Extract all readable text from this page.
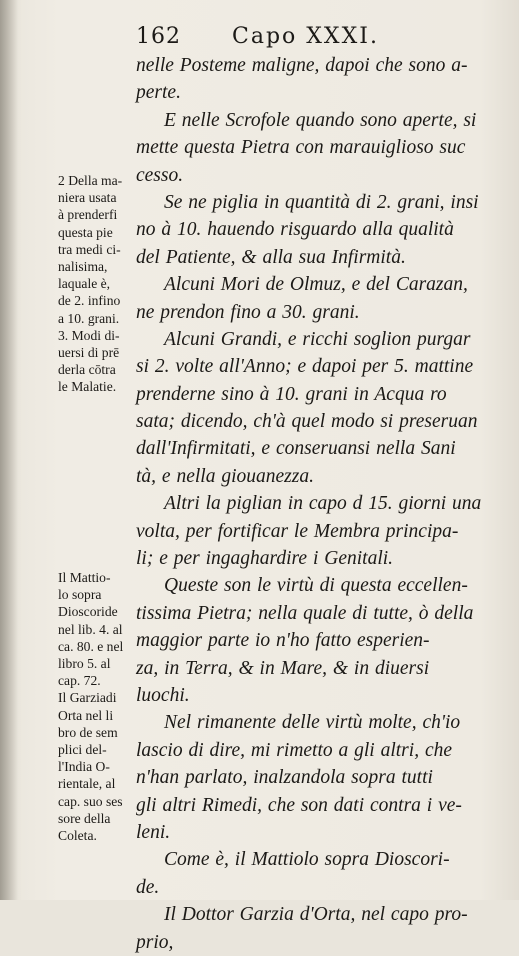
162 Capo XXXI.
2 Della ma-
niera usata
à prenderfi
questa pie
tra medi ci-
nalisima,
laquale è,
de 2. infino
a 10. grani.
3. Modi di-
uersi di prē
derla cōtra
le Malatie.
Il Mattio-
lo sopra
Dioscoride
nel lib. 4. al
ca. 80. e nel
libro 5. al
cap. 72.
Il Garziadi
Orta nel li
bro de sem
plici del-
l'India O-
rientale, al
cap. suo ses
sore della
Coleta.
nelle Posteme maligne, dapoi che sono a-
perte.
E nelle Scrofole quando sono aperte, si
mette questa Pietra con marauiglioso suc
cesso.
Se ne piglia in quantità di 2. grani, insi
no à 10. hauendo risguardo alla qualità
del Patiente, & alla sua Infirmità.
Alcuni Mori de Olmuz, e del Carazan,
ne prendon fino a 30. grani.
Alcuni Grandi, e ricchi soglion purgar
si 2. volte all'Anno; e dapoi per 5. mattine
prenderne sino à 10. grani in Acqua ro
sata; dicendo, ch'à quel modo si preseruan
dall'Infirmitati, e conseruansi nella Sani
tà, e nella giouanezza.
Altri la piglian in capo d 15. giorni una
volta, per fortificar le Membra principa-
li; e per ingaghardire i Genitali.
Queste son le virtù di questa eccellen-
tissima Pietra; nella quale di tutte, ò della
maggior parte io n'ho fatto esperien-
za, in Terra, & in Mare, & in diuersi
luochi.
Nel rimanente delle virtù molte, ch'io
lascio di dire, mi rimetto a gli altri, che
n'han parlato, inalzandola sopra tutti
gli altri Rimedi, che son dati contra i ve-
leni.
Come è, il Mattiolo sopra Dioscori-
de.
Il Dottor Garzia d'Orta, nel capo pro-
prio,
